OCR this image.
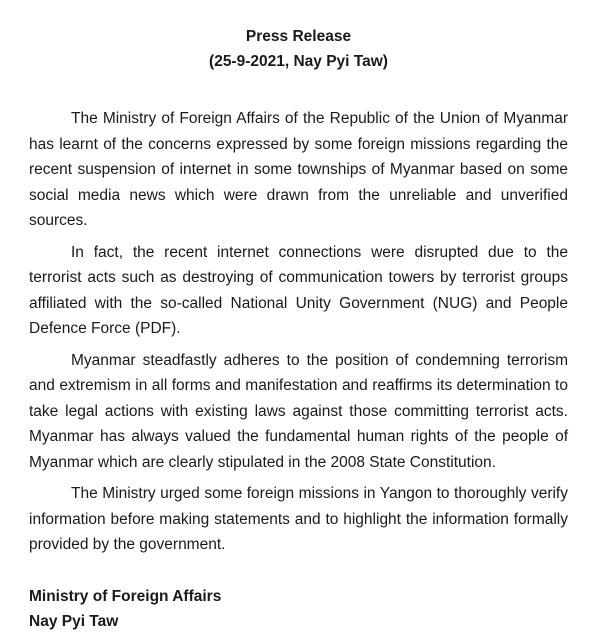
Press Release
(25-9-2021, Nay Pyi Taw)

The Ministry of Foreign Affairs of the Republic of the Union of Myanmar has learnt of the concerns expressed by some foreign missions regarding the recent suspension of internet in some townships of Myanmar based on some social media news which were drawn from the unreliable and unverified sources.

In fact, the recent internet connections were disrupted due to the terrorist acts such as destroying of communication towers by terrorist groups affiliated with the so-called National Unity Government (NUG) and People Defence Force (PDF).

Myanmar steadfastly adheres to the position of condemning terrorism and extremism in all forms and manifestation and reaffirms its determination to take legal actions with existing laws against those committing terrorist acts. Myanmar has always valued the fundamental human rights of the people of Myanmar which are clearly stipulated in the 2008 State Constitution.

The Ministry urged some foreign missions in Yangon to thoroughly verify information before making statements and to highlight the information formally provided by the government.

Ministry of Foreign Affairs
Nay Pyi Taw
